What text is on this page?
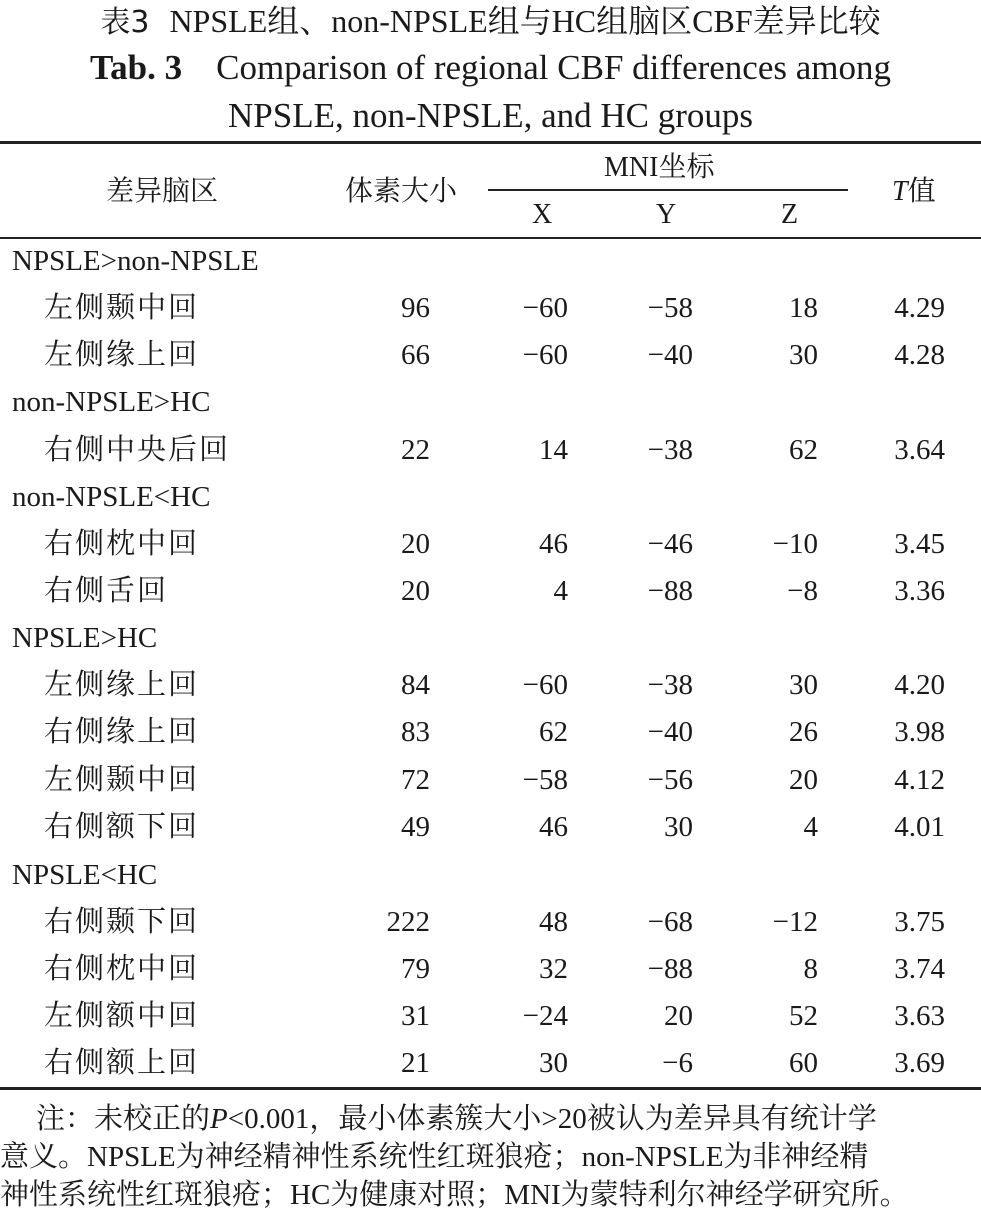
表3 NPSLE组、non-NPSLE组与HC组脑区CBF差异比较
Tab. 3 Comparison of regional CBF differences among
NPSLE, non-NPSLE, and HC groups
差异脑区	体素大小
MNI坐标
X	Y	Z
T值
NPSLE>non-NPSLE
左侧颞中回	96	−60	−58	18	4.29
左侧缘上回	66	−60	−40	30	4.28
non-NPSLE>HC
右侧中央后回	22	14	−38	62	3.64
non-NPSLE<HC
右侧枕中回	20	46	−46	−10	3.45
右侧舌回	20	4	−88	−8	3.36
NPSLE>HC
左侧缘上回	84	−60	−38	30	4.20
右侧缘上回	83	62	−40	26	3.98
左侧颞中回	72	−58	−56	20	4.12
右侧额下回	49	46	30	4	4.01
NPSLE<HC
右侧颞下回	222	48	−68	−12	3.75
右侧枕中回	79	32	−88	8	3.74
左侧额中回	31	−24	20	52	3.63
右侧额上回	21	30	−6	60	3.69
注：未校正的P<0.001，最小体素簇大小>20被认为差异具有统计学
意义。NPSLE为神经精神性系统性红斑狼疮；non-NPSLE为非神经精
神性系统性红斑狼疮；HC为健康对照；MNI为蒙特利尔神经学研究所。
